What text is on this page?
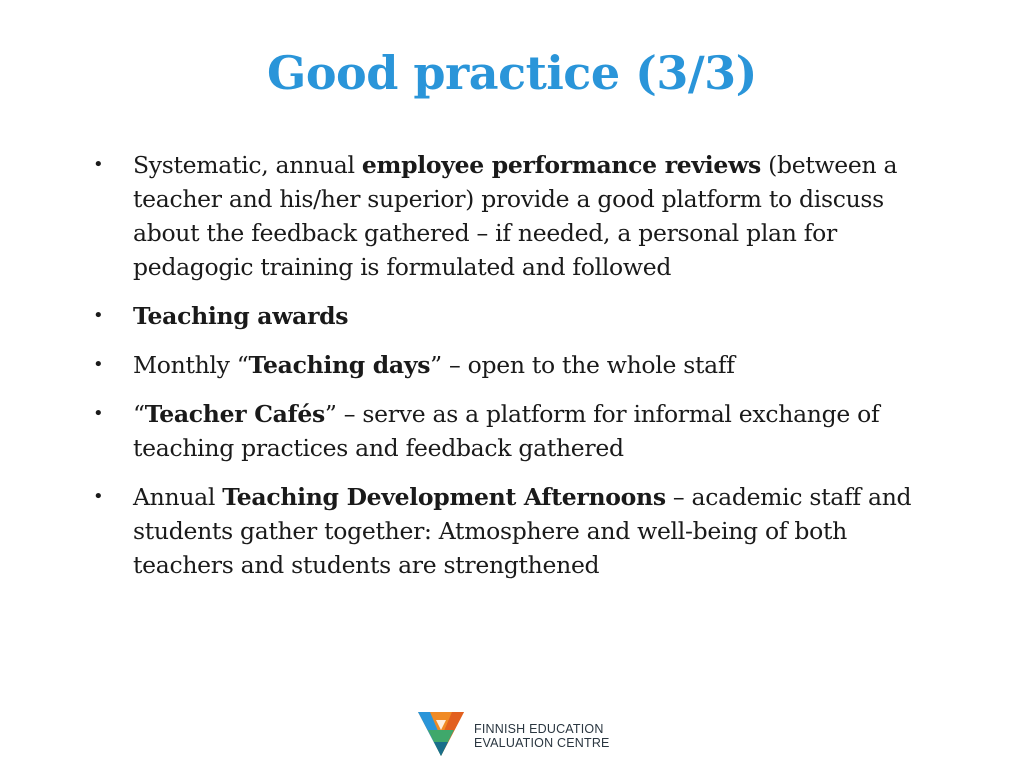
Good practice (3/3)
• Systematic, annual employee performance reviews (between a teacher and his/her superior) provide a good platform to discuss about the feedback gathered – if needed, a personal plan for pedagogic training is formulated and followed
• Teaching awards
• Monthly “Teaching days” – open to the whole staff
• “Teacher Cafés” – serve as a platform for informal exchange of teaching practices and feedback gathered
• Annual Teaching Development Afternoons – academic staff and students gather together: Atmosphere and well-being of both teachers and students are strengthened
FINNISH EDUCATION
EVALUATION CENTRE
